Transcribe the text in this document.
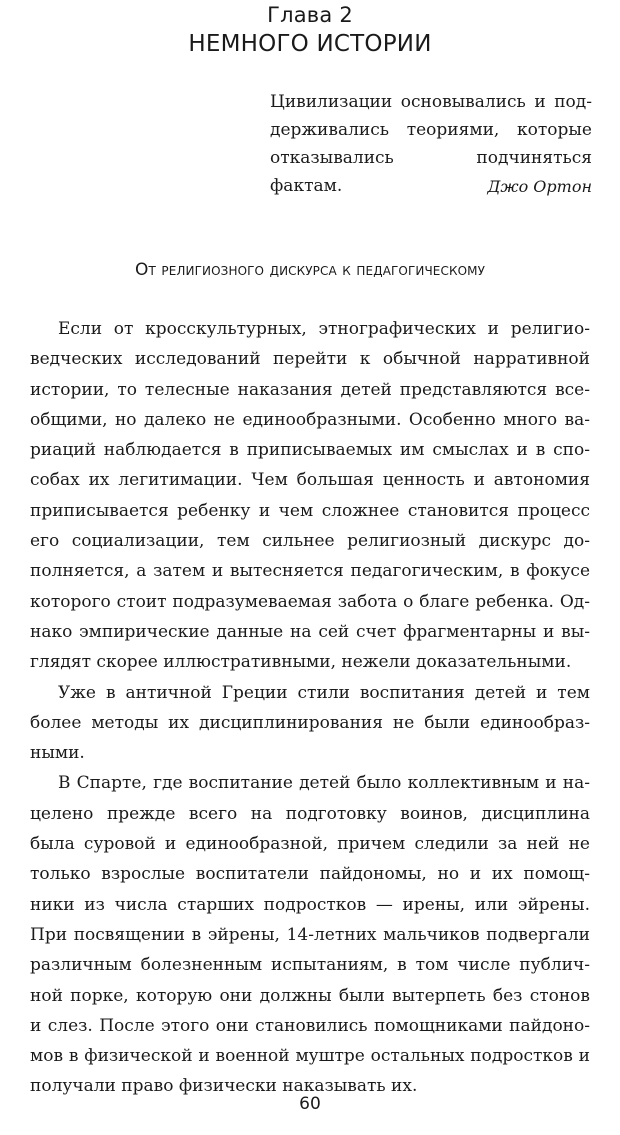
Глава 2
НЕМНОГО ИСТОРИИ
Цивилизации основывались и поддерживались теориями, которые отказывались подчиняться фактам.	Джо Ортон
От религиозного дискурса к педагогическому

Если от кросскультурных, этнографических и религиоведческих исследований перейти к обычной нарративной истории, то телесные наказания детей представляются всеобщими, но далеко не единообразными. Особенно много вариаций наблюдается в приписываемых им смыслах и в способах их легитимации. Чем большая ценность и автономия приписывается ребенку и чем сложнее становится процесс его социализации, тем сильнее религиозный дискурс дополняется, а затем и вытесняется педагогическим, в фокусе которого стоит подразумеваемая забота о благе ребенка. Однако эмпирические данные на сей счет фрагментарны и выглядят скорее иллюстративными, нежели доказательными.

Уже в античной Греции стили воспитания детей и тем более методы их дисциплинирования не были единообразными.

В Спарте, где воспитание детей было коллективным и нацелено прежде всего на подготовку воинов, дисциплина была суровой и единообразной, причем следили за ней не только взрослые воспитатели пайдономы, но и их помощники из числа старших подростков — ирены, или эйрены. При посвящении в эйрены, 14-летних мальчиков подвергали различным болезненным испытаниям, в том числе публичной порке, которую они должны были вытерпеть без стонов и слез. После этого они становились помощниками пайдономов в физической и военной муштре остальных подростков и получали право физически наказывать их.

60
